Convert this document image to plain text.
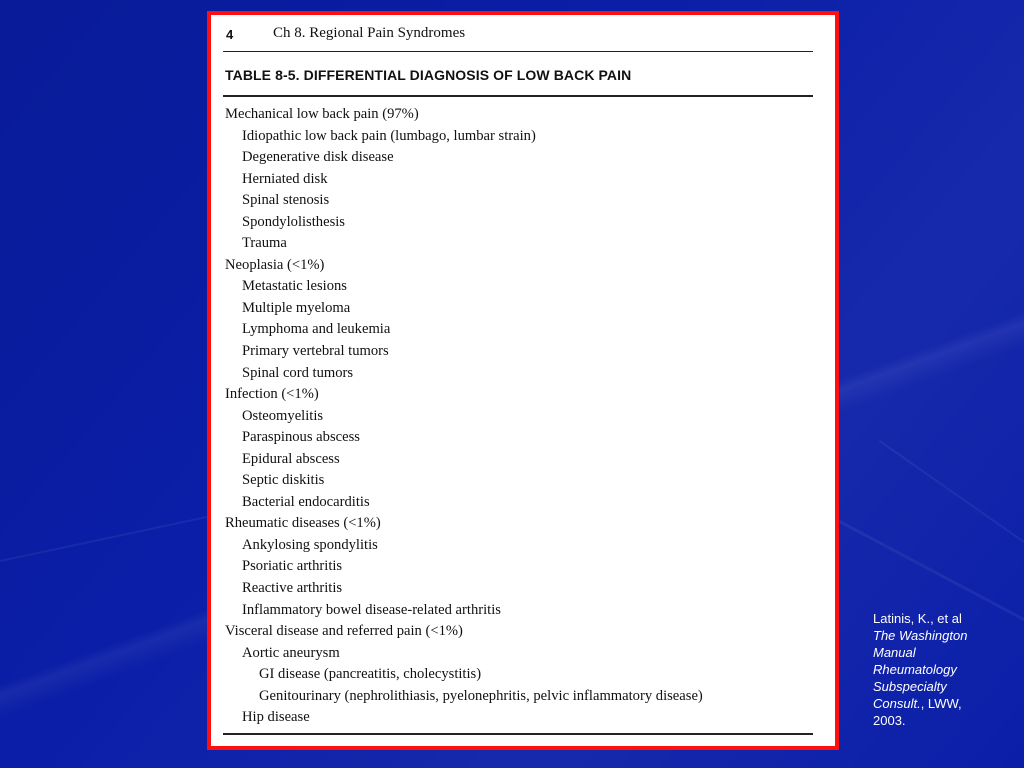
4	Ch 8. Regional Pain Syndromes
TABLE 8-5. DIFFERENTIAL DIAGNOSIS OF LOW BACK PAIN
Mechanical low back pain (97%)
Idiopathic low back pain (lumbago, lumbar strain)
Degenerative disk disease
Herniated disk
Spinal stenosis
Spondylolisthesis
Trauma
Neoplasia (<1%)
Metastatic lesions
Multiple myeloma
Lymphoma and leukemia
Primary vertebral tumors
Spinal cord tumors
Infection (<1%)
Osteomyelitis
Paraspinous abscess
Epidural abscess
Septic diskitis
Bacterial endocarditis
Rheumatic diseases (<1%)
Ankylosing spondylitis
Psoriatic arthritis
Reactive arthritis
Inflammatory bowel disease-related arthritis
Visceral disease and referred pain (<1%)
Aortic aneurysm
GI disease (pancreatitis, cholecystitis)
Genitourinary (nephrolithiasis, pyelonephritis, pelvic inflammatory disease)
Hip disease
Latinis, K., et al
The Washington Manual Rheumatology Subspecialty Consult., LWW, 2003.
